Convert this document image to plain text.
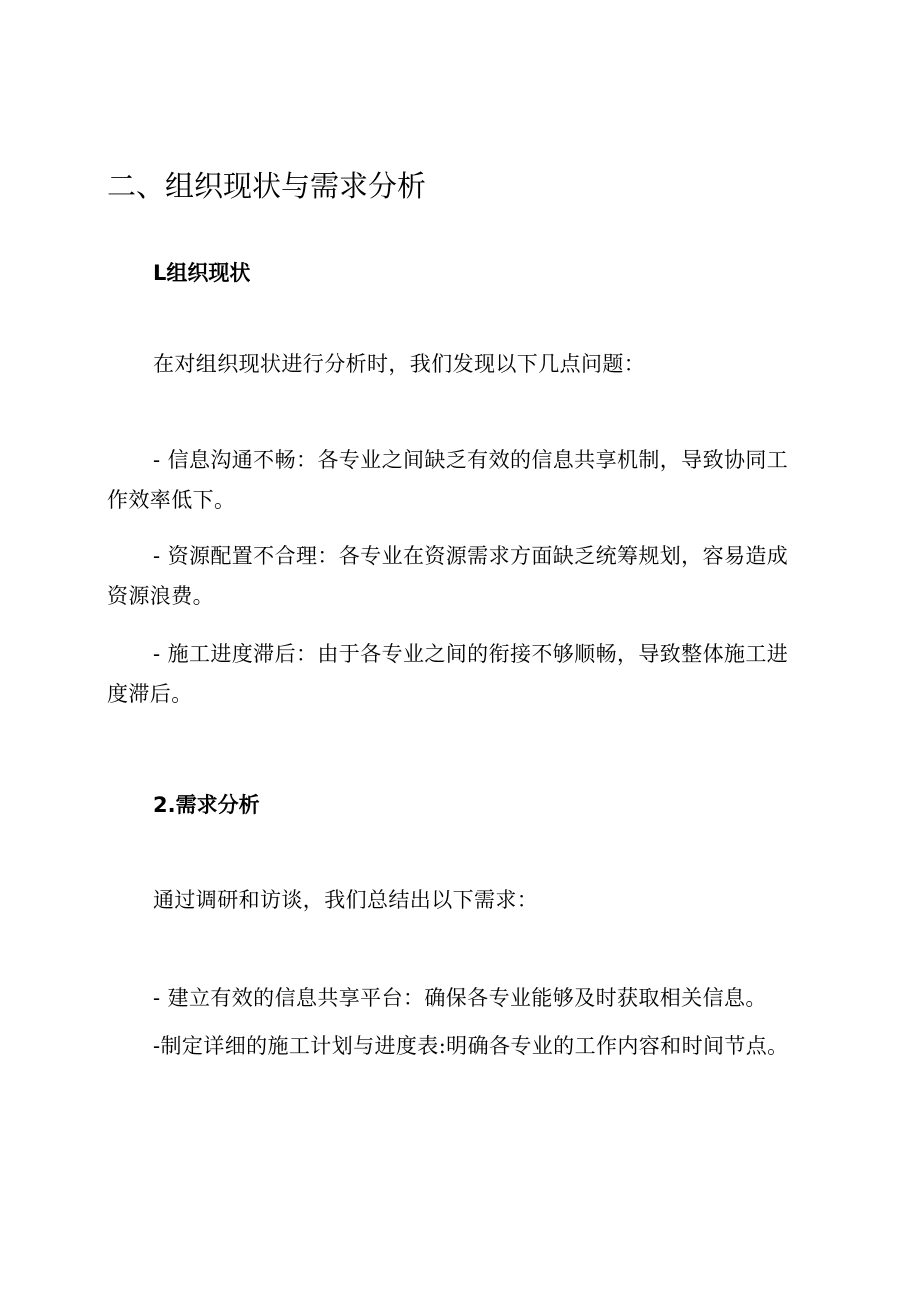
二、组织现状与需求分析
L组织现状

在对组织现状进行分析时，我们发现以下几点问题：

- 信息沟通不畅：各专业之间缺乏有效的信息共享机制，导致协同工作效率低下。

- 资源配置不合理：各专业在资源需求方面缺乏统筹规划，容易造成资源浪费。

- 施工进度滞后：由于各专业之间的衔接不够顺畅，导致整体施工进度滞后。

2.需求分析

通过调研和访谈，我们总结出以下需求：

- 建立有效的信息共享平台：确保各专业能够及时获取相关信息。

-制定详细的施工计划与进度表:明确各专业的工作内容和时间节点。
